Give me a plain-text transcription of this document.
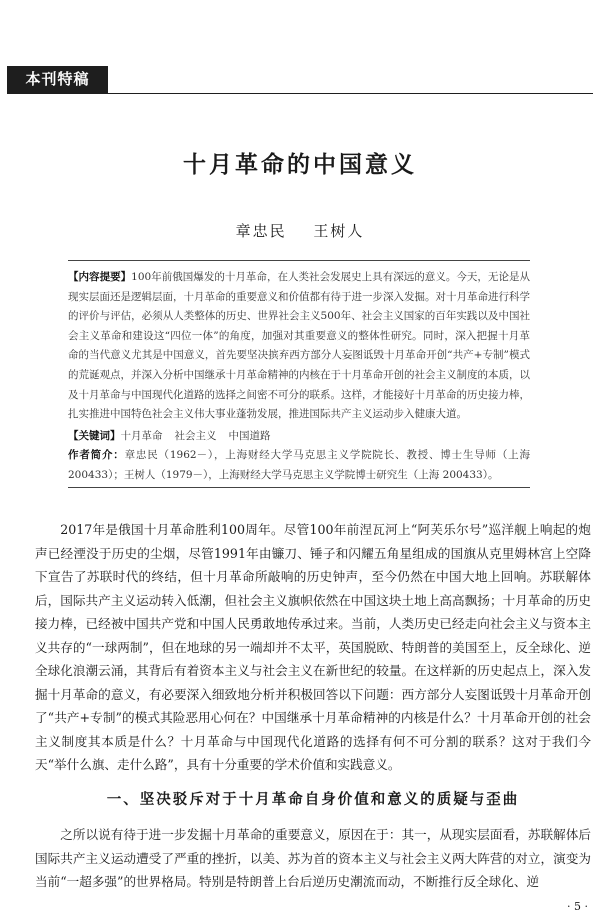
本刊特稿
十月革命的中国意义
章忠民 王树人

【内容提要】100年前俄国爆发的十月革命，在人类社会发展史上具有深远的意义。今天，无论是从现实层面还是逻辑层面，十月革命的重要意义和价值都有待于进一步深入发掘。对十月革命进行科学的评价与评估，必须从人类整体的历史、世界社会主义500年、社会主义国家的百年实践以及中国社会主义革命和建设这“四位一体”的角度，加强对其重要意义的整体性研究。同时，深入把握十月革命的当代意义尤其是中国意义，首先要坚决摈弃西方部分人妄图诋毁十月革命开创“共产+专制”模式的荒诞观点，并深入分析中国继承十月革命精神的内核在于十月革命开创的社会主义制度的本质，以及十月革命与中国现代化道路的选择之间密不可分的联系。这样，才能接好十月革命的历史接力棒，扎实推进中国特色社会主义伟大事业蓬勃发展，推进国际共产主义运动步入健康大道。

【关键词】十月革命 社会主义 中国道路

作者简介：章忠民（1962－），上海财经大学马克思主义学院院长、教授、博士生导师（上海 200433）；王树人（1979－），上海财经大学马克思主义学院博士研究生（上海 200433）。

2017年是俄国十月革命胜利100周年。尽管100年前涅瓦河上“阿芙乐尔号”巡洋舰上响起的炮声已经湮没于历史的尘烟，尽管1991年由镰刀、锤子和闪耀五角星组成的国旗从克里姆林宫上空降下宣告了苏联时代的终结，但十月革命所敲响的历史钟声，至今仍然在中国大地上回响。苏联解体后，国际共产主义运动转入低潮，但社会主义旗帜依然在中国这块土地上高高飘扬；十月革命的历史接力棒，已经被中国共产党和中国人民勇敢地传承过来。当前，人类历史已经走向社会主义与资本主义共存的“一球两制”，但在地球的另一端却并不太平，英国脱欧、特朗普的美国至上，反全球化、逆全球化浪潮云涌，其背后有着资本主义与社会主义在新世纪的较量。在这样新的历史起点上，深入发掘十月革命的意义，有必要深入细致地分析并积极回答以下问题：西方部分人妄图诋毁十月革命开创了“共产+专制”的模式其险恶用心何在？中国继承十月革命精神的内核是什么？十月革命开创的社会主义制度其本质是什么？十月革命与中国现代化道路的选择有何不可分割的联系？这对于我们今天“举什么旗、走什么路”，具有十分重要的学术价值和实践意义。

一、坚决驳斥对于十月革命自身价值和意义的质疑与歪曲

之所以说有待于进一步发掘十月革命的重要意义，原因在于：其一，从现实层面看，苏联解体后国际共产主义运动遭受了严重的挫折，以美、苏为首的资本主义与社会主义两大阵营的对立，演变为当前“一超多强”的世界格局。特别是特朗普上台后逆历史潮流而动，不断推行反全球化、逆

· 5 ·
